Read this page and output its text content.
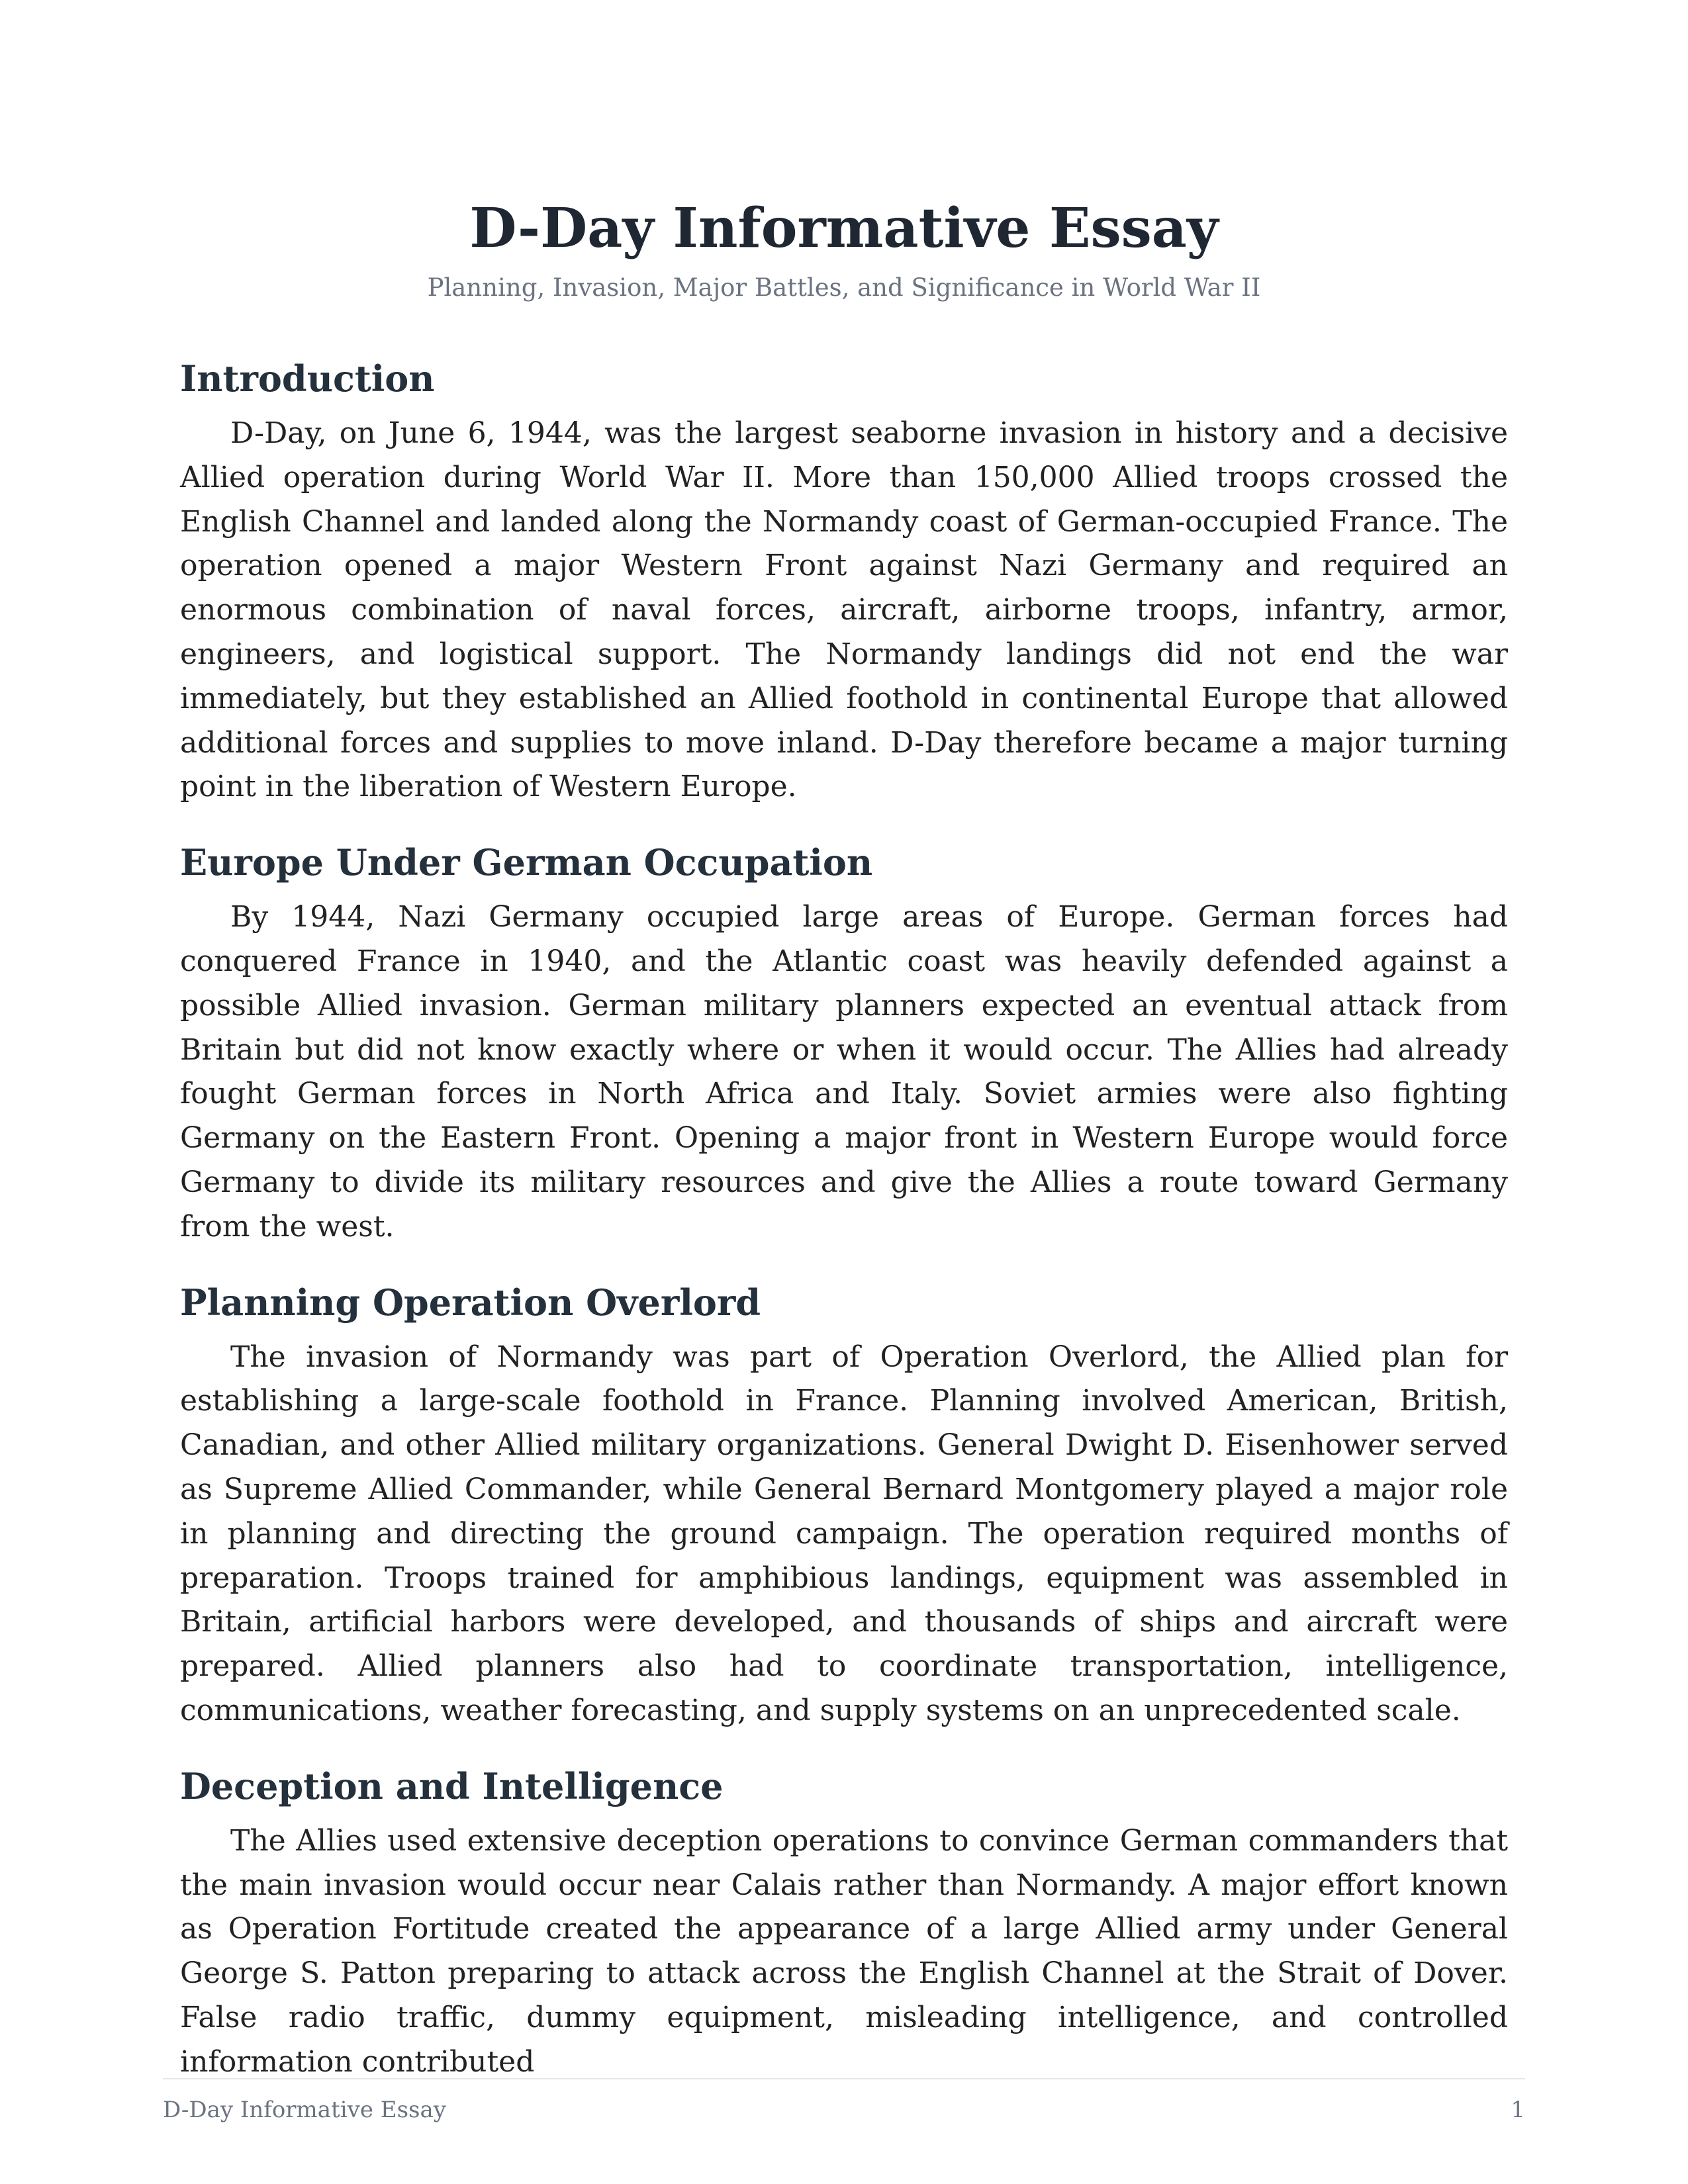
D-Day Informative Essay
Planning, Invasion, Major Battles, and Significance in World War II
Introduction

D-Day, on June 6, 1944, was the largest seaborne invasion in history and a decisive Allied operation during World War II. More than 150,000 Allied troops crossed the English Channel and landed along the Normandy coast of German-occupied France. The operation opened a major Western Front against Nazi Germany and required an enormous combination of naval forces, aircraft, airborne troops, infantry, armor, engineers, and logistical support. The Normandy landings did not end the war immediately, but they established an Allied foothold in continental Europe that allowed additional forces and supplies to move inland. D-Day therefore became a major turning point in the liberation of Western Europe.

Europe Under German Occupation

By 1944, Nazi Germany occupied large areas of Europe. German forces had conquered France in 1940, and the Atlantic coast was heavily defended against a possible Allied invasion. German military planners expected an eventual attack from Britain but did not know exactly where or when it would occur. The Allies had already fought German forces in North Africa and Italy. Soviet armies were also fighting Germany on the Eastern Front. Opening a major front in Western Europe would force Germany to divide its military resources and give the Allies a route toward Germany from the west.

Planning Operation Overlord

The invasion of Normandy was part of Operation Overlord, the Allied plan for establishing a large-scale foothold in France. Planning involved American, British, Canadian, and other Allied military organizations. General Dwight D. Eisenhower served as Supreme Allied Commander, while General Bernard Montgomery played a major role in planning and directing the ground campaign. The operation required months of preparation. Troops trained for amphibious landings, equipment was assembled in Britain, artificial harbors were developed, and thousands of ships and aircraft were prepared. Allied planners also had to coordinate transportation, intelligence, communications, weather forecasting, and supply systems on an unprecedented scale.

Deception and Intelligence

The Allies used extensive deception operations to convince German commanders that the main invasion would occur near Calais rather than Normandy. A major effort known as Operation Fortitude created the appearance of a large Allied army under General George S. Patton preparing to attack across the English Channel at the Strait of Dover. False radio traffic, dummy equipment, misleading intelligence, and controlled information contributed

D-Day Informative Essay	1
